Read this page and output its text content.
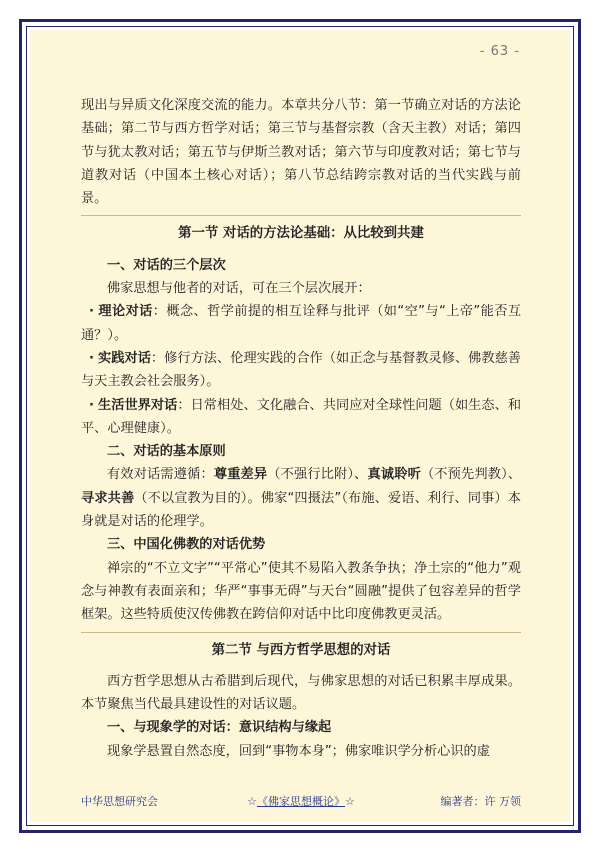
- 63 -

现出与异质文化深度交流的能力。本章共分八节：第一节确立对话的方法论基础；第二节与西方哲学对话；第三节与基督宗教（含天主教）对话；第四节与犹太教对话；第五节与伊斯兰教对话；第六节与印度教对话；第七节与道教对话（中国本土核心对话）；第八节总结跨宗教对话的当代实践与前景。

第一节 对话的方法论基础：从比较到共建

一、对话的三个层次

佛家思想与他者的对话，可在三个层次展开：

· 理论对话：概念、哲学前提的相互诠释与批评（如“空”与“上帝”能否互通？）。

· 实践对话：修行方法、伦理实践的合作（如正念与基督教灵修、佛教慈善与天主教会社会服务）。

· 生活世界对话：日常相处、文化融合、共同应对全球性问题（如生态、和平、心理健康）。

二、对话的基本原则

有效对话需遵循：尊重差异（不强行比附）、真诚聆听（不预先判教）、寻求共善（不以宣教为目的）。佛家“四摄法”（布施、爱语、利行、同事）本身就是对话的伦理学。

三、中国化佛教的对话优势

禅宗的“不立文字”“平常心”使其不易陷入教条争执；净土宗的“他力”观念与神教有表面亲和；华严“事事无碍”与天台“圆融”提供了包容差异的哲学框架。这些特质使汉传佛教在跨信仰对话中比印度佛教更灵活。

第二节 与西方哲学思想的对话

西方哲学思想从古希腊到后现代，与佛家思想的对话已积累丰厚成果。本节聚焦当代最具建设性的对话议题。

一、与现象学的对话：意识结构与缘起

现象学悬置自然态度，回到“事物本身”；佛家唯识学分析心识的虚

中华思想研究会	☆《佛家思想概论》☆	编著者：许 万领
